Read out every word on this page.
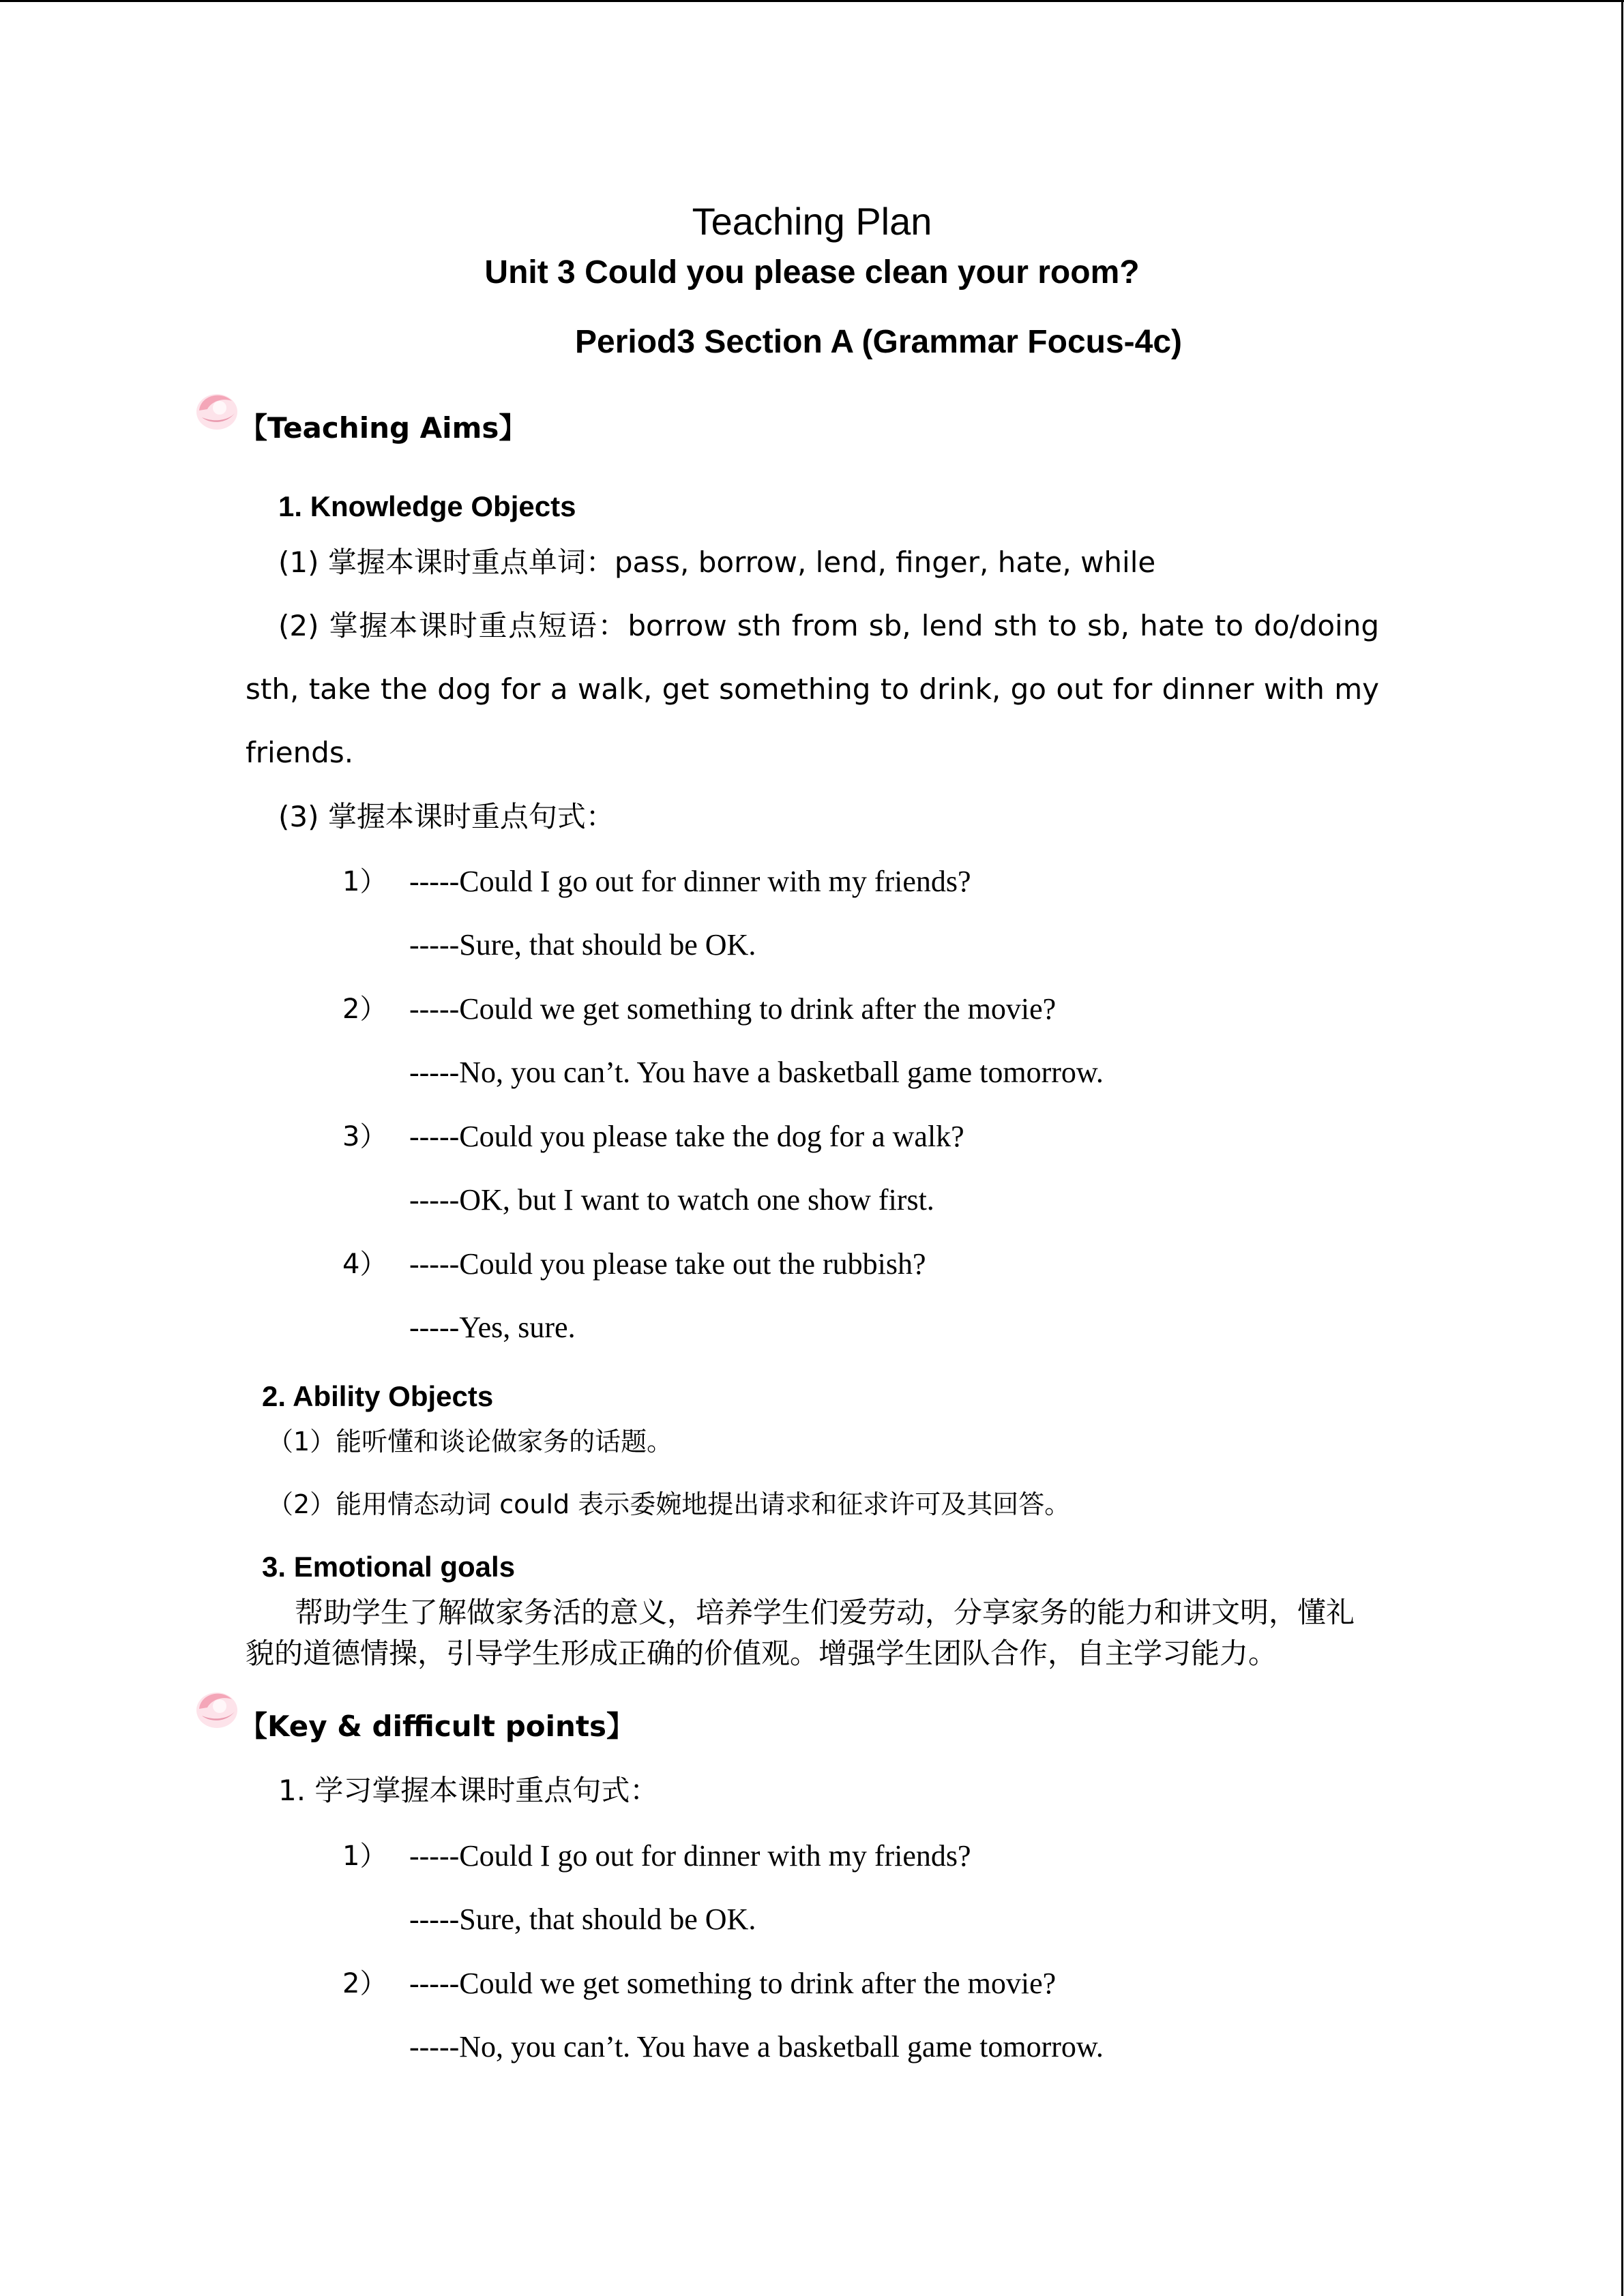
Teaching Plan
Unit 3 Could you please clean your room?
Period3 Section A (Grammar Focus-4c)
【Teaching Aims】
1. Knowledge Objects
(1) 掌握本课时重点单词：pass, borrow, lend, finger, hate, while
(2) 掌握本课时重点短语：borrow sth from sb, lend sth to sb, hate to do/doing
sth, take the dog for a walk, get something to drink, go out for dinner with my
friends.
(3) 掌握本课时重点句式：
1） -----Could I go out for dinner with my friends?
-----Sure, that should be OK.
2） -----Could we get something to drink after the movie?
-----No, you can’t. You have a basketball game tomorrow.
3） -----Could you please take the dog for a walk?
-----OK, but I want to watch one show first.
4） -----Could you please take out the rubbish?
-----Yes, sure.
2. Ability Objects
（1）能听懂和谈论做家务的话题。
（2）能用情态动词 could 表示委婉地提出请求和征求许可及其回答。
3. Emotional goals
帮助学生了解做家务活的意义，培养学生们爱劳动，分享家务的能力和讲文明，懂礼
貌的道德情操，引导学生形成正确的价值观。增强学生团队合作，自主学习能力。
【Key & difficult points】
1. 学习掌握本课时重点句式：
1） -----Could I go out for dinner with my friends?
-----Sure, that should be OK.
2） -----Could we get something to drink after the movie?
-----No, you can’t. You have a basketball game tomorrow.
